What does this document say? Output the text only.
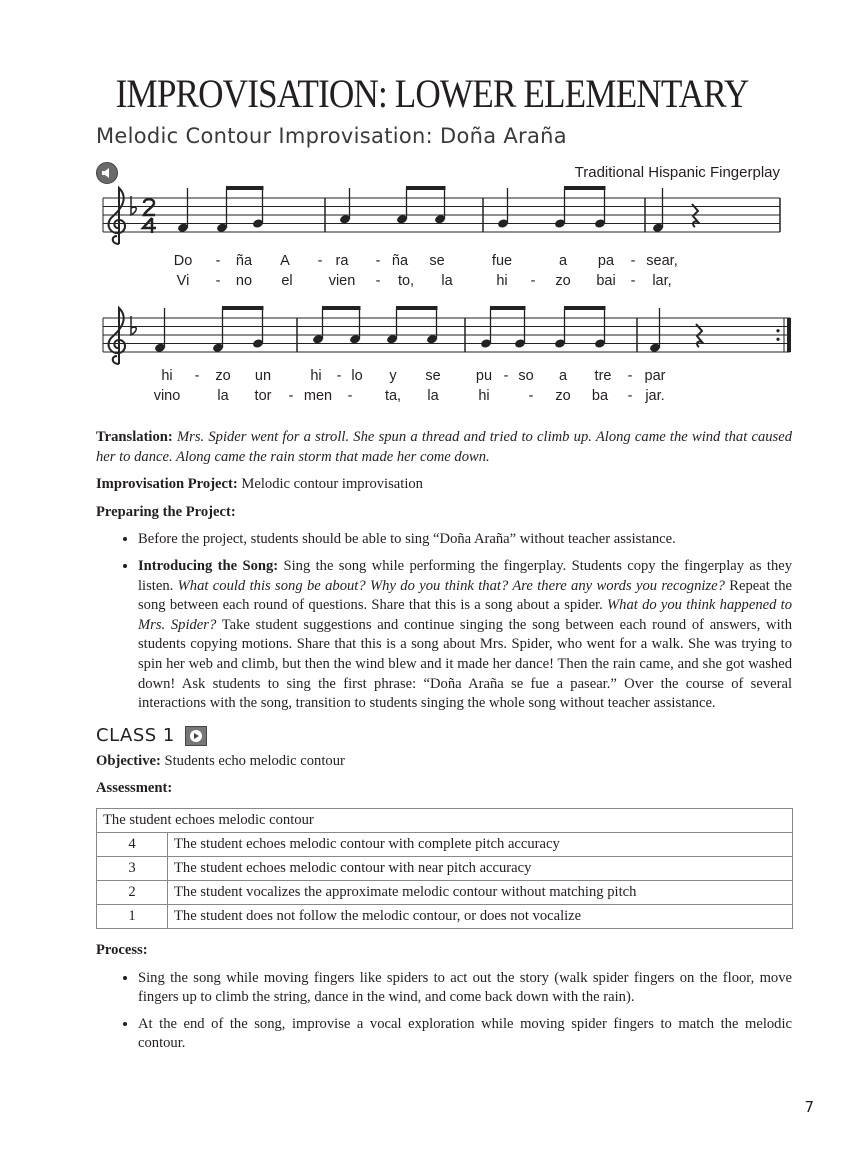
IMPROVISATION: LOWER ELEMENTARY
Melodic Contour Improvisation: Doña Araña
Traditional Hispanic Fingerplay
Do - ña A - ra - ña se	fue	a pa - sear,
Vi - no el vien - to, la	hi - zo bai - lar,
hi - zo un	hi - lo y se pu - so a tre - par
vino	la tor - men - ta, la	hi	- zo ba - jar.

Translation: Mrs. Spider went for a stroll. She spun a thread and tried to climb up. Along came the wind that caused her to dance. Along came the rain storm that made her come down.

Improvisation Project: Melodic contour improvisation

Preparing the Project:

• Before the project, students should be able to sing “Doña Araña” without teacher assistance.
• Introducing the Song: Sing the song while performing the fingerplay. Students copy the fingerplay as they listen. What could this song be about? Why do you think that? Are there any words you recognize? Repeat the song between each round of questions. Share that this is a song about a spider. What do you think happened to Mrs. Spider? Take student suggestions and continue singing the song between each round of answers, with students copying motions. Share that this is a song about Mrs. Spider, who went for a walk. She was trying to spin her web and climb, but then the wind blew and it made her dance! Then the rain came, and she got washed down! Ask students to sing the first phrase: “Doña Araña se fue a pasear.” Over the course of several interactions with the song, transition to students singing the whole song without teacher assistance.
CLASS 1

Objective: Students echo melodic contour

Assessment:

The student echoes melodic contour	
4	The student echoes melodic contour with complete pitch accuracy
3	The student echoes melodic contour with near pitch accuracy
2	The student vocalizes the approximate melodic contour without matching pitch
1	The student does not follow the melodic contour, or does not vocalize

Process:

• Sing the song while moving fingers like spiders to act out the story (walk spider fingers on the floor, move fingers up to climb the string, dance in the wind, and come back down with the rain).
• At the end of the song, improvise a vocal exploration while moving spider fingers to match the melodic contour.
7
